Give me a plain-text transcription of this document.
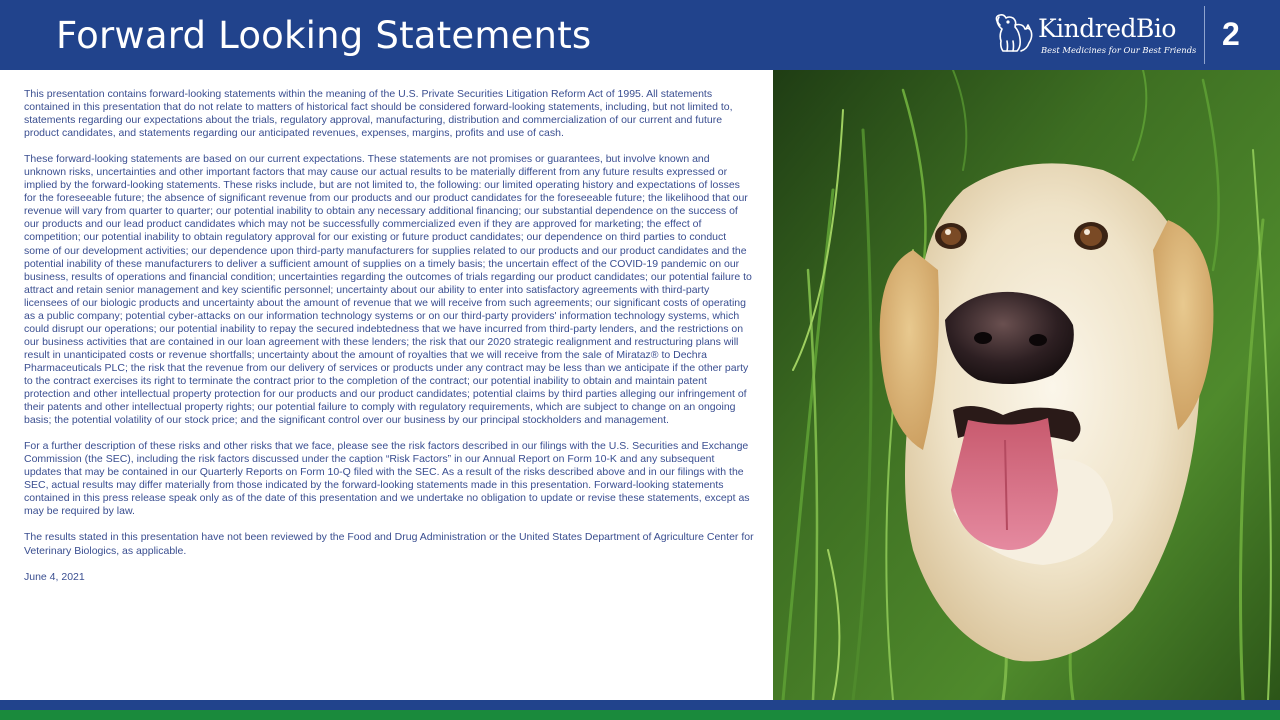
Forward Looking Statements	KindredBio
Best Medicines for Our Best Friends 2

This presentation contains forward-looking statements within the meaning of the U.S. Private Securities Litigation Reform Act of 1995. All statements contained in this presentation that do not relate to matters of historical fact should be considered forward-looking statements, including, but not limited to, statements regarding our expectations about the trials, regulatory approval, manufacturing, distribution and commercialization of our current and future product candidates, and statements regarding our anticipated revenues, expenses, margins, profits and use of cash.

These forward-looking statements are based on our current expectations. These statements are not promises or guarantees, but involve known and unknown risks, uncertainties and other important factors that may cause our actual results to be materially different from any future results expressed or implied by the forward-looking statements. These risks include, but are not limited to, the following: our limited operating history and expectations of losses for the foreseeable future; the absence of significant revenue from our products and our product candidates for the foreseeable future; the likelihood that our revenue will vary from quarter to quarter; our potential inability to obtain any necessary additional financing; our substantial dependence on the success of our products and our lead product candidates which may not be successfully commercialized even if they are approved for marketing; the effect of competition; our potential inability to obtain regulatory approval for our existing or future product candidates; our dependence on third parties to conduct some of our development activities; our dependence upon third-party manufacturers for supplies related to our products and our product candidates and the potential inability of these manufacturers to deliver a sufficient amount of supplies on a timely basis; the uncertain effect of the COVID-19 pandemic on our business, results of operations and financial condition; uncertainties regarding the outcomes of trials regarding our product candidates; our potential failure to attract and retain senior management and key scientific personnel; uncertainty about our ability to enter into satisfactory agreements with third-party licensees of our biologic products and uncertainty about the amount of revenue that we will receive from such agreements; our significant costs of operating as a public company; potential cyber-attacks on our information technology systems or on our third-party providers' information technology systems, which could disrupt our operations; our potential inability to repay the secured indebtedness that we have incurred from third-party lenders, and the restrictions on our business activities that are contained in our loan agreement with these lenders; the risk that our 2020 strategic realignment and restructuring plans will result in unanticipated costs or revenue shortfalls; uncertainty about the amount of royalties that we will receive from the sale of Mirataz® to Dechra Pharmaceuticals PLC; the risk that the revenue from our delivery of services or products under any contract may be less than we anticipate if the other party to the contract exercises its right to terminate the contract prior to the completion of the contract; our potential inability to obtain and maintain patent protection and other intellectual property protection for our products and our product candidates; potential claims by third parties alleging our infringement of their patents and other intellectual property rights; our potential failure to comply with regulatory requirements, which are subject to change on an ongoing basis; the potential volatility of our stock price; and the significant control over our business by our principal stockholders and management.

For a further description of these risks and other risks that we face, please see the risk factors described in our filings with the U.S. Securities and Exchange Commission (the SEC), including the risk factors discussed under the caption “Risk Factors” in our Annual Report on Form 10-K and any subsequent updates that may be contained in our Quarterly Reports on Form 10-Q filed with the SEC. As a result of the risks described above and in our filings with the SEC, actual results may differ materially from those indicated by the forward-looking statements made in this presentation. Forward-looking statements contained in this press release speak only as of the date of this presentation and we undertake no obligation to update or revise these statements, except as may be required by law.

The results stated in this presentation have not been reviewed by the Food and Drug Administration or the United States Department of Agriculture Center for Veterinary Biologics, as applicable.

June 4, 2021
